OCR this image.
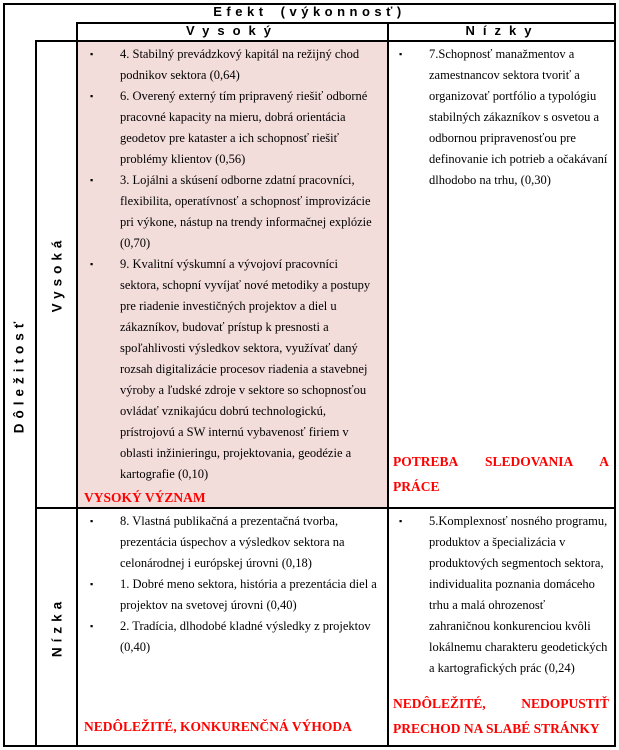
Efekt (výkonnosť)
Vysoký	Nízky
Dôležitosť
Vysoká
Nízka
▪ 4. Stabilný prevádzkový kapitál na režijný chod podnikov sektora (0,64)
▪ 6. Overený externý tím pripravený riešiť odborné pracovné kapacity na mieru, dobrá orientácia geodetov pre kataster a ich schopnosť riešiť problémy klientov (0,56)
▪ 3. Lojálni a skúsení odborne zdatní pracovníci, flexibilita, operatívnosť a schopnosť improvizácie pri výkone, nástup na trendy informačnej explózie (0,70)
▪ 9. Kvalitní výskumní a vývojoví pracovníci sektora, schopní vyvíjať nové metodiky a postupy pre riadenie investičných projektov a diel u zákazníkov, budovať prístup k presnosti a spoľahlivosti výsledkov sektora, využívať daný rozsah digitalizácie procesov riadenia a stavebnej výroby a ľudské zdroje v sektore so schopnosťou ovládať vznikajúcu dobrú technologickú, prístrojovú a SW internú vybavenosť firiem v oblasti inžinieringu, projektovania, geodézie a kartografie (0,10)
VYSOKÝ VÝZNAM
▪ 7.Schopnosť manažmentov a zamestnancov sektora tvoriť a organizovať portfólio a typológiu stabilných zákazníkov s osvetou a odbornou pripravenosťou pre definovanie ich potrieb a očakávaní dlhodobo na trhu, (0,30)
POTREBA SLEDOVANIA A PRÁCE
▪ 8. Vlastná publikačná a prezentačná tvorba, prezentácia úspechov a výsledkov sektora na celonárodnej i európskej úrovni (0,18)
▪ 1. Dobré meno sektora, história a prezentácia diel a projektov na svetovej úrovni (0,40)
▪ 2. Tradícia, dlhodobé kladné výsledky z projektov (0,40)
NEDÔLEŽITÉ, KONKURENČNÁ VÝHODA
▪ 5.Komplexnosť nosného programu, produktov a špecializácia v produktových segmentoch sektora, individualita poznania domáceho trhu a malá ohrozenosť zahraničnou konkurenciou kvôli lokálnemu charakteru geodetických a kartografických prác (0,24)
NEDÔLEŽITÉ, NEDOPUSTIŤ PRECHOD NA SLABÉ STRÁNKY
